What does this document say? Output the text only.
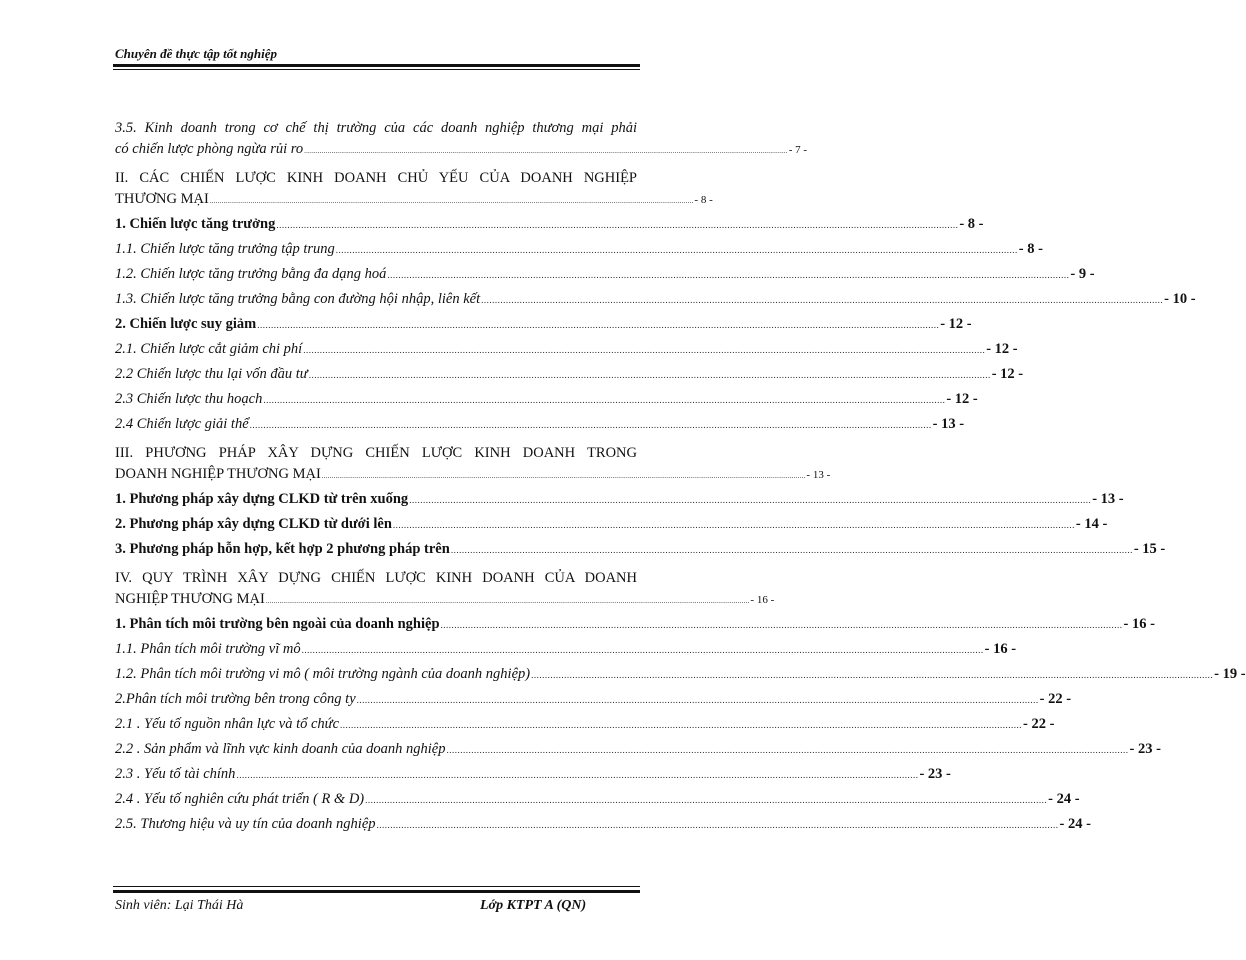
Chuyên đề thực tập tốt nghiệp
3.5. Kinh doanh trong cơ chế thị trường của các doanh nghiệp thương mại phải
có chiến lược phòng ngừa rủi ro .....	- 7 -
II. CÁC CHIẾN LƯỢC KINH DOANH CHỦ YẾU CỦA DOANH NGHIỆP
THƯƠNG MẠI .....	- 8 -
1. Chiến lược tăng trưởng .....	- 8 -
1.1. Chiến lược tăng trưởng tập trung .....	- 8 -
1.2. Chiến lược tăng trưởng bằng đa dạng hoá .....	- 9 -
1.3. Chiến lược tăng trưởng bằng con đường hội nhập, liên kết .....	- 10 -
2. Chiến lược suy giảm .....	- 12 -
2.1. Chiến lược cắt giảm chi phí .....	- 12 -
2.2 Chiến lược thu lại vốn đầu tư .....	- 12 -
2.3 Chiến lược thu hoạch .....	- 12 -
2.4 Chiến lược giải thể .....	- 13 -
III. PHƯƠNG PHÁP XÂY DỰNG CHIẾN LƯỢC KINH DOANH TRONG
DOANH NGHIỆP THƯƠNG MẠI .....	- 13 -
1. Phương pháp xây dựng CLKD từ trên xuống .....	- 13 -
2. Phương pháp xây dựng CLKD từ dưới lên .....	- 14 -
3. Phương pháp hỗn hợp, kết hợp 2 phương pháp trên .....	- 15 -
IV. QUY TRÌNH XÂY DỰNG CHIẾN LƯỢC KINH DOANH CỦA DOANH
NGHIỆP THƯƠNG MẠI .....	- 16 -
1. Phân tích môi trường bên ngoài của doanh nghiệp .....	- 16 -
1.1. Phân tích môi trường vĩ mô .....	- 16 -
1.2. Phân tích môi trường vi mô ( môi trường ngành của doanh nghiệp) .....	- 19 -
2.Phân tích môi trường bên trong công ty .....	- 22 -
2.1 . Yếu tố nguồn nhân lực và tổ chức .....	- 22 -
2.2 . Sản phẩm và lĩnh vực kinh doanh của doanh nghiệp .....	- 23 -
2.3 . Yếu tố tài chính .....	- 23 -
2.4 . Yếu tố nghiên cứu phát triển ( R & D) .....	- 24 -
2.5. Thương hiệu và uy tín của doanh nghiệp .....	- 24 -
Sinh viên: Lại Thái Hà	Lớp KTPT A (QN)
